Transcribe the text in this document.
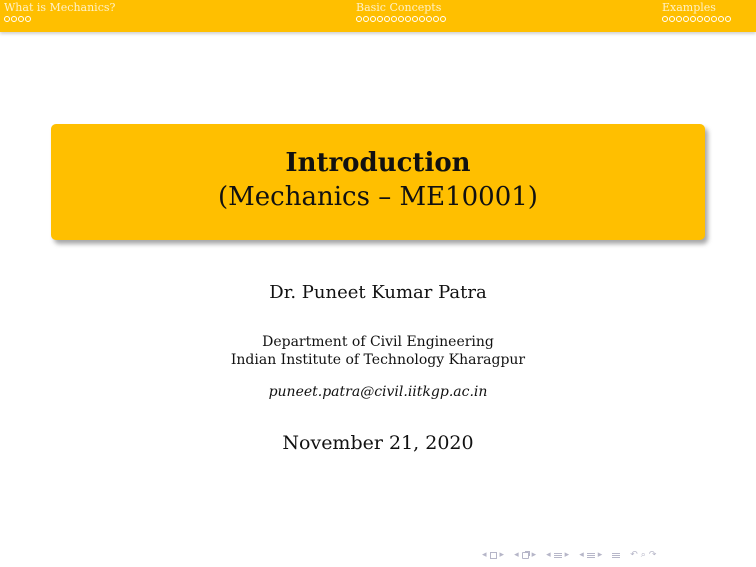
What is Mechanics?	Basic Concepts	Examples
Introduction
(Mechanics – ME10001)
Dr. Puneet Kumar Patra
Department of Civil Engineering
Indian Institute of Technology Kharagpur
puneet.patra@civil.iitkgp.ac.in
November 21, 2020
◂ ▸ ◂ ▸ ◂ ▸ ◂ ▸	↶ ⌕ ↷
